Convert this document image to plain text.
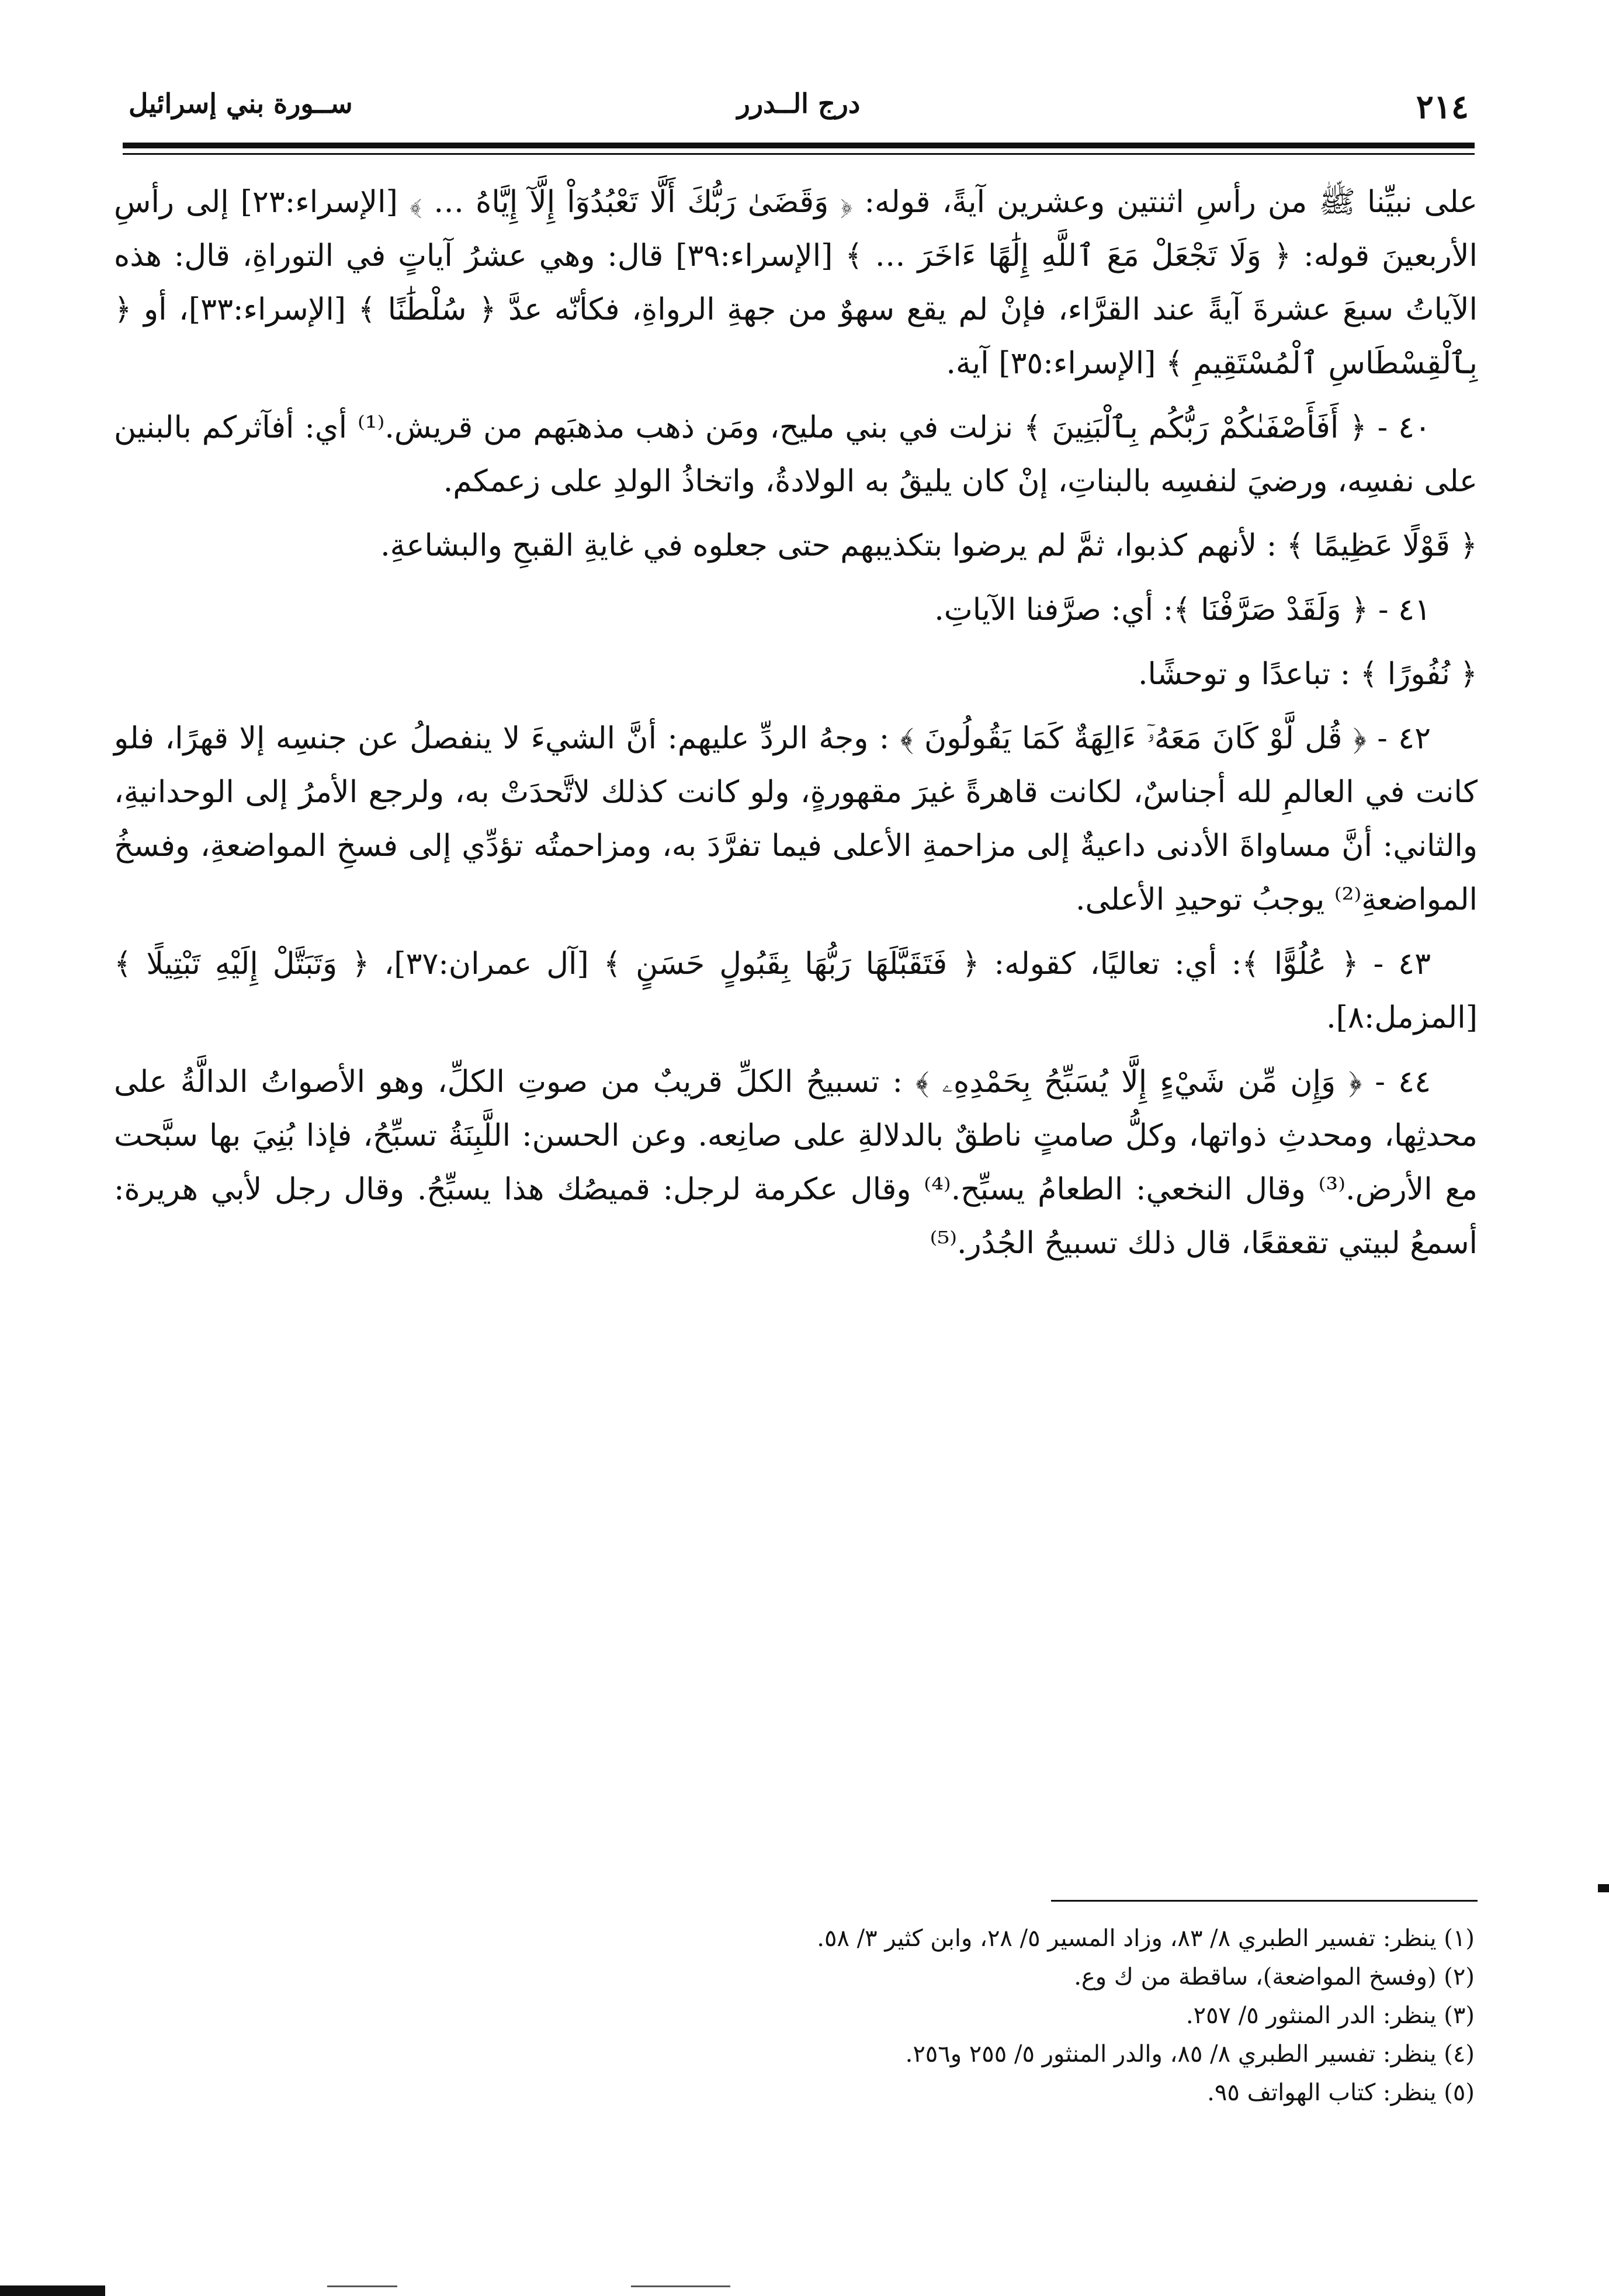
ســورة بني إسرائيل	درج الــدرر	٢١٤

على نبيِّنا ﷺ من رأسِ اثنتين وعشرين آيةً، قوله: ﴿ وَقَضَىٰ رَبُّكَ أَلَّا تَعْبُدُوٓاْ إِلَّآ إِيَّاهُ … ﴾ [الإسراء:٢٣] إلى رأسِ الأربعينَ قوله: ﴿ وَلَا تَجْعَلْ مَعَ ٱللَّهِ إِلَٰهًا ءَاخَرَ … ﴾ [الإسراء:٣٩] قال: وهي عشرُ آياتٍ في التوراةِ، قال: هذه الآياتُ سبعَ عشرةَ آيةً عند القرَّاء، فإنْ لم يقع سهوٌ من جهةِ الرواةِ، فكأنّه عدَّ ﴿ سُلْطَٰنًا ﴾ [الإسراء:٣٣]، أو ﴿ بِٱلْقِسْطَاسِ ٱلْمُسْتَقِيمِ ﴾ [الإسراء:٣٥] آية.

٤٠ - ﴿ أَفَأَصْفَىٰكُمْ رَبُّكُم بِٱلْبَنِينَ ﴾ نزلت في بني مليح، ومَن ذهب مذهبَهم من قريش.⁽¹⁾ أي: أفآثركم بالبنين على نفسِه، ورضيَ لنفسِه بالبناتِ، إنْ كان يليقُ به الولادةُ، واتخاذُ الولدِ على زعمكم.

﴿ قَوْلًا عَظِيمًا ﴾ : لأنهم كذبوا، ثمَّ لم يرضوا بتكذيبهم حتى جعلوه في غايةِ القبحِ والبشاعةِ.

٤١ - ﴿ وَلَقَدْ صَرَّفْنَا ﴾: أي: صرَّفنا الآياتِ.

﴿ نُفُورًا ﴾ : تباعدًا و توحشًا.

٤٢ - ﴿ قُل لَّوْ كَانَ مَعَهُۥٓ ءَالِهَةٌ كَمَا يَقُولُونَ ﴾ : وجهُ الردِّ عليهم: أنَّ الشيءَ لا ينفصلُ عن جنسِه إلا قهرًا، فلو كانت في العالمِ لله أجناسٌ، لكانت قاهرةً غيرَ مقهورةٍ، ولو كانت كذلك لاتَّحدَتْ به، ولرجع الأمرُ إلى الوحدانيةِ، والثاني: أنَّ مساواةَ الأدنى داعيةٌ إلى مزاحمةِ الأعلى فيما تفرَّدَ به، ومزاحمتُه تؤدِّي إلى فسخِ المواضعةِ، وفسخُ المواضعةِ⁽²⁾ يوجبُ توحيدِ الأعلى.

٤٣ - ﴿ عُلُوًّا ﴾: أي: تعاليًا، كقوله: ﴿ فَتَقَبَّلَهَا رَبُّهَا بِقَبُولٍ حَسَنٍ ﴾ [آل عمران:٣٧]، ﴿ وَتَبَتَّلْ إِلَيْهِ تَبْتِيلًا ﴾ [المزمل:٨].

٤٤ - ﴿ وَإِن مِّن شَيْءٍ إِلَّا يُسَبِّحُ بِحَمْدِهِۦ ﴾ : تسبيحُ الكلِّ قريبٌ من صوتِ الكلِّ، وهو الأصواتُ الدالَّةُ على محدثِها، ومحدثِ ذواتها، وكلُّ صامتٍ ناطقٌ بالدلالةِ على صانِعه. وعن الحسن: اللَّبِنَةُ تسبِّحُ، فإذا بُنِيَ بها سبَّحت مع الأرض.⁽³⁾ وقال النخعي: الطعامُ يسبِّح.⁽⁴⁾ وقال عكرمة لرجل: قميصُك هذا يسبِّحُ. وقال رجل لأبي هريرة: أسمعُ لبيتي تقعقعًا، قال ذلك تسبيحُ الجُدُر.⁽⁵⁾

(١) ينظر: تفسير الطبري ٨/ ٨٣، وزاد المسير ٥/ ٢٨، وابن كثير ٣/ ٥٨.

(٢) (وفسخ المواضعة)، ساقطة من ك وع.

(٣) ينظر: الدر المنثور ٥/ ٢٥٧.

(٤) ينظر: تفسير الطبري ٨/ ٨٥، والدر المنثور ٥/ ٢٥٥ و٢٥٦.

(٥) ينظر: كتاب الهواتف ٩٥.
